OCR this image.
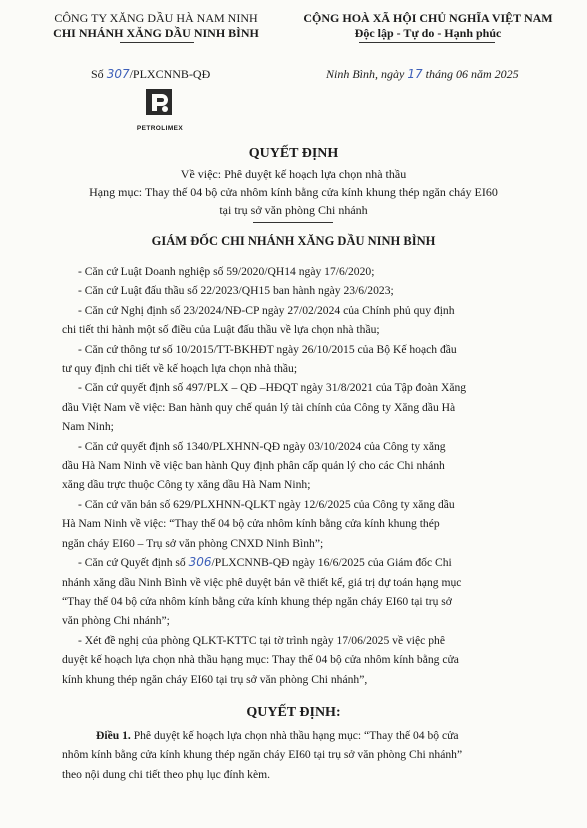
CÔNG TY XĂNG DẦU HÀ NAM NINH
CHI NHÁNH XĂNG DẦU NINH BÌNH
Số 307/PLXCNNB-QĐ
PETROLIMEX
CỘNG HOÀ XÃ HỘI CHỦ NGHĨA VIỆT NAM
Độc lập - Tự do - Hạnh phúc
Ninh Bình, ngày 17 tháng 06 năm 2025
QUYẾT ĐỊNH
Về việc: Phê duyệt kế hoạch lựa chọn nhà thầu
Hạng mục: Thay thế 04 bộ cửa nhôm kính bằng cửa kính khung thép ngăn cháy EI60
tại trụ sở văn phòng Chi nhánh
GIÁM ĐỐC CHI NHÁNH XĂNG DẦU NINH BÌNH
- Căn cứ Luật Doanh nghiệp số 59/2020/QH14 ngày 17/6/2020;
- Căn cứ Luật đấu thầu số 22/2023/QH15 ban hành ngày 23/6/2023;
- Căn cứ Nghị định số 23/2024/NĐ-CP ngày 27/02/2024 của Chính phủ quy định
chi tiết thi hành một số điều của Luật đấu thầu về lựa chọn nhà thầu;
- Căn cứ thông tư số 10/2015/TT-BKHĐT ngày 26/10/2015 của Bộ Kế hoạch đầu
tư quy định chi tiết về kế hoạch lựa chọn nhà thầu;
- Căn cứ quyết định số 497/PLX – QĐ –HĐQT ngày 31/8/2021 của Tập đoàn Xăng
dầu Việt Nam về việc: Ban hành quy chế quản lý tài chính của Công ty Xăng dầu Hà
Nam Ninh;
- Căn cứ quyết định số 1340/PLXHNN-QĐ ngày 03/10/2024 của Công ty xăng
dầu Hà Nam Ninh về việc ban hành Quy định phân cấp quản lý cho các Chi nhánh
xăng dầu trực thuộc Công ty xăng dầu Hà Nam Ninh;
- Căn cứ văn bản số 629/PLXHNN-QLKT ngày 12/6/2025 của Công ty xăng dầu
Hà Nam Ninh về việc: “Thay thế 04 bộ cửa nhôm kính bằng cửa kính khung thép
ngăn cháy EI60 – Trụ sở văn phòng CNXD Ninh Bình”;
- Căn cứ Quyết định số 306/PLXCNNB-QĐ ngày 16/6/2025 của Giám đốc Chi
nhánh xăng dầu Ninh Bình về việc phê duyệt bản vẽ thiết kế, giá trị dự toán hạng mục
“Thay thế 04 bộ cửa nhôm kính bằng cửa kính khung thép ngăn cháy EI60 tại trụ sở
văn phòng Chi nhánh”;
- Xét đề nghị của phòng QLKT-KTTC tại tờ trình ngày 17/06/2025 về việc phê
duyệt kế hoạch lựa chọn nhà thầu hạng mục: Thay thế 04 bộ cửa nhôm kính bằng cửa
kính khung thép ngăn cháy EI60 tại trụ sở văn phòng Chi nhánh”,
QUYẾT ĐỊNH:
Điều 1. Phê duyệt kế hoạch lựa chọn nhà thầu hạng mục: “Thay thế 04 bộ cửa
nhôm kính bằng cửa kính khung thép ngăn cháy EI60 tại trụ sở văn phòng Chi nhánh”
theo nội dung chi tiết theo phụ lục đính kèm.
